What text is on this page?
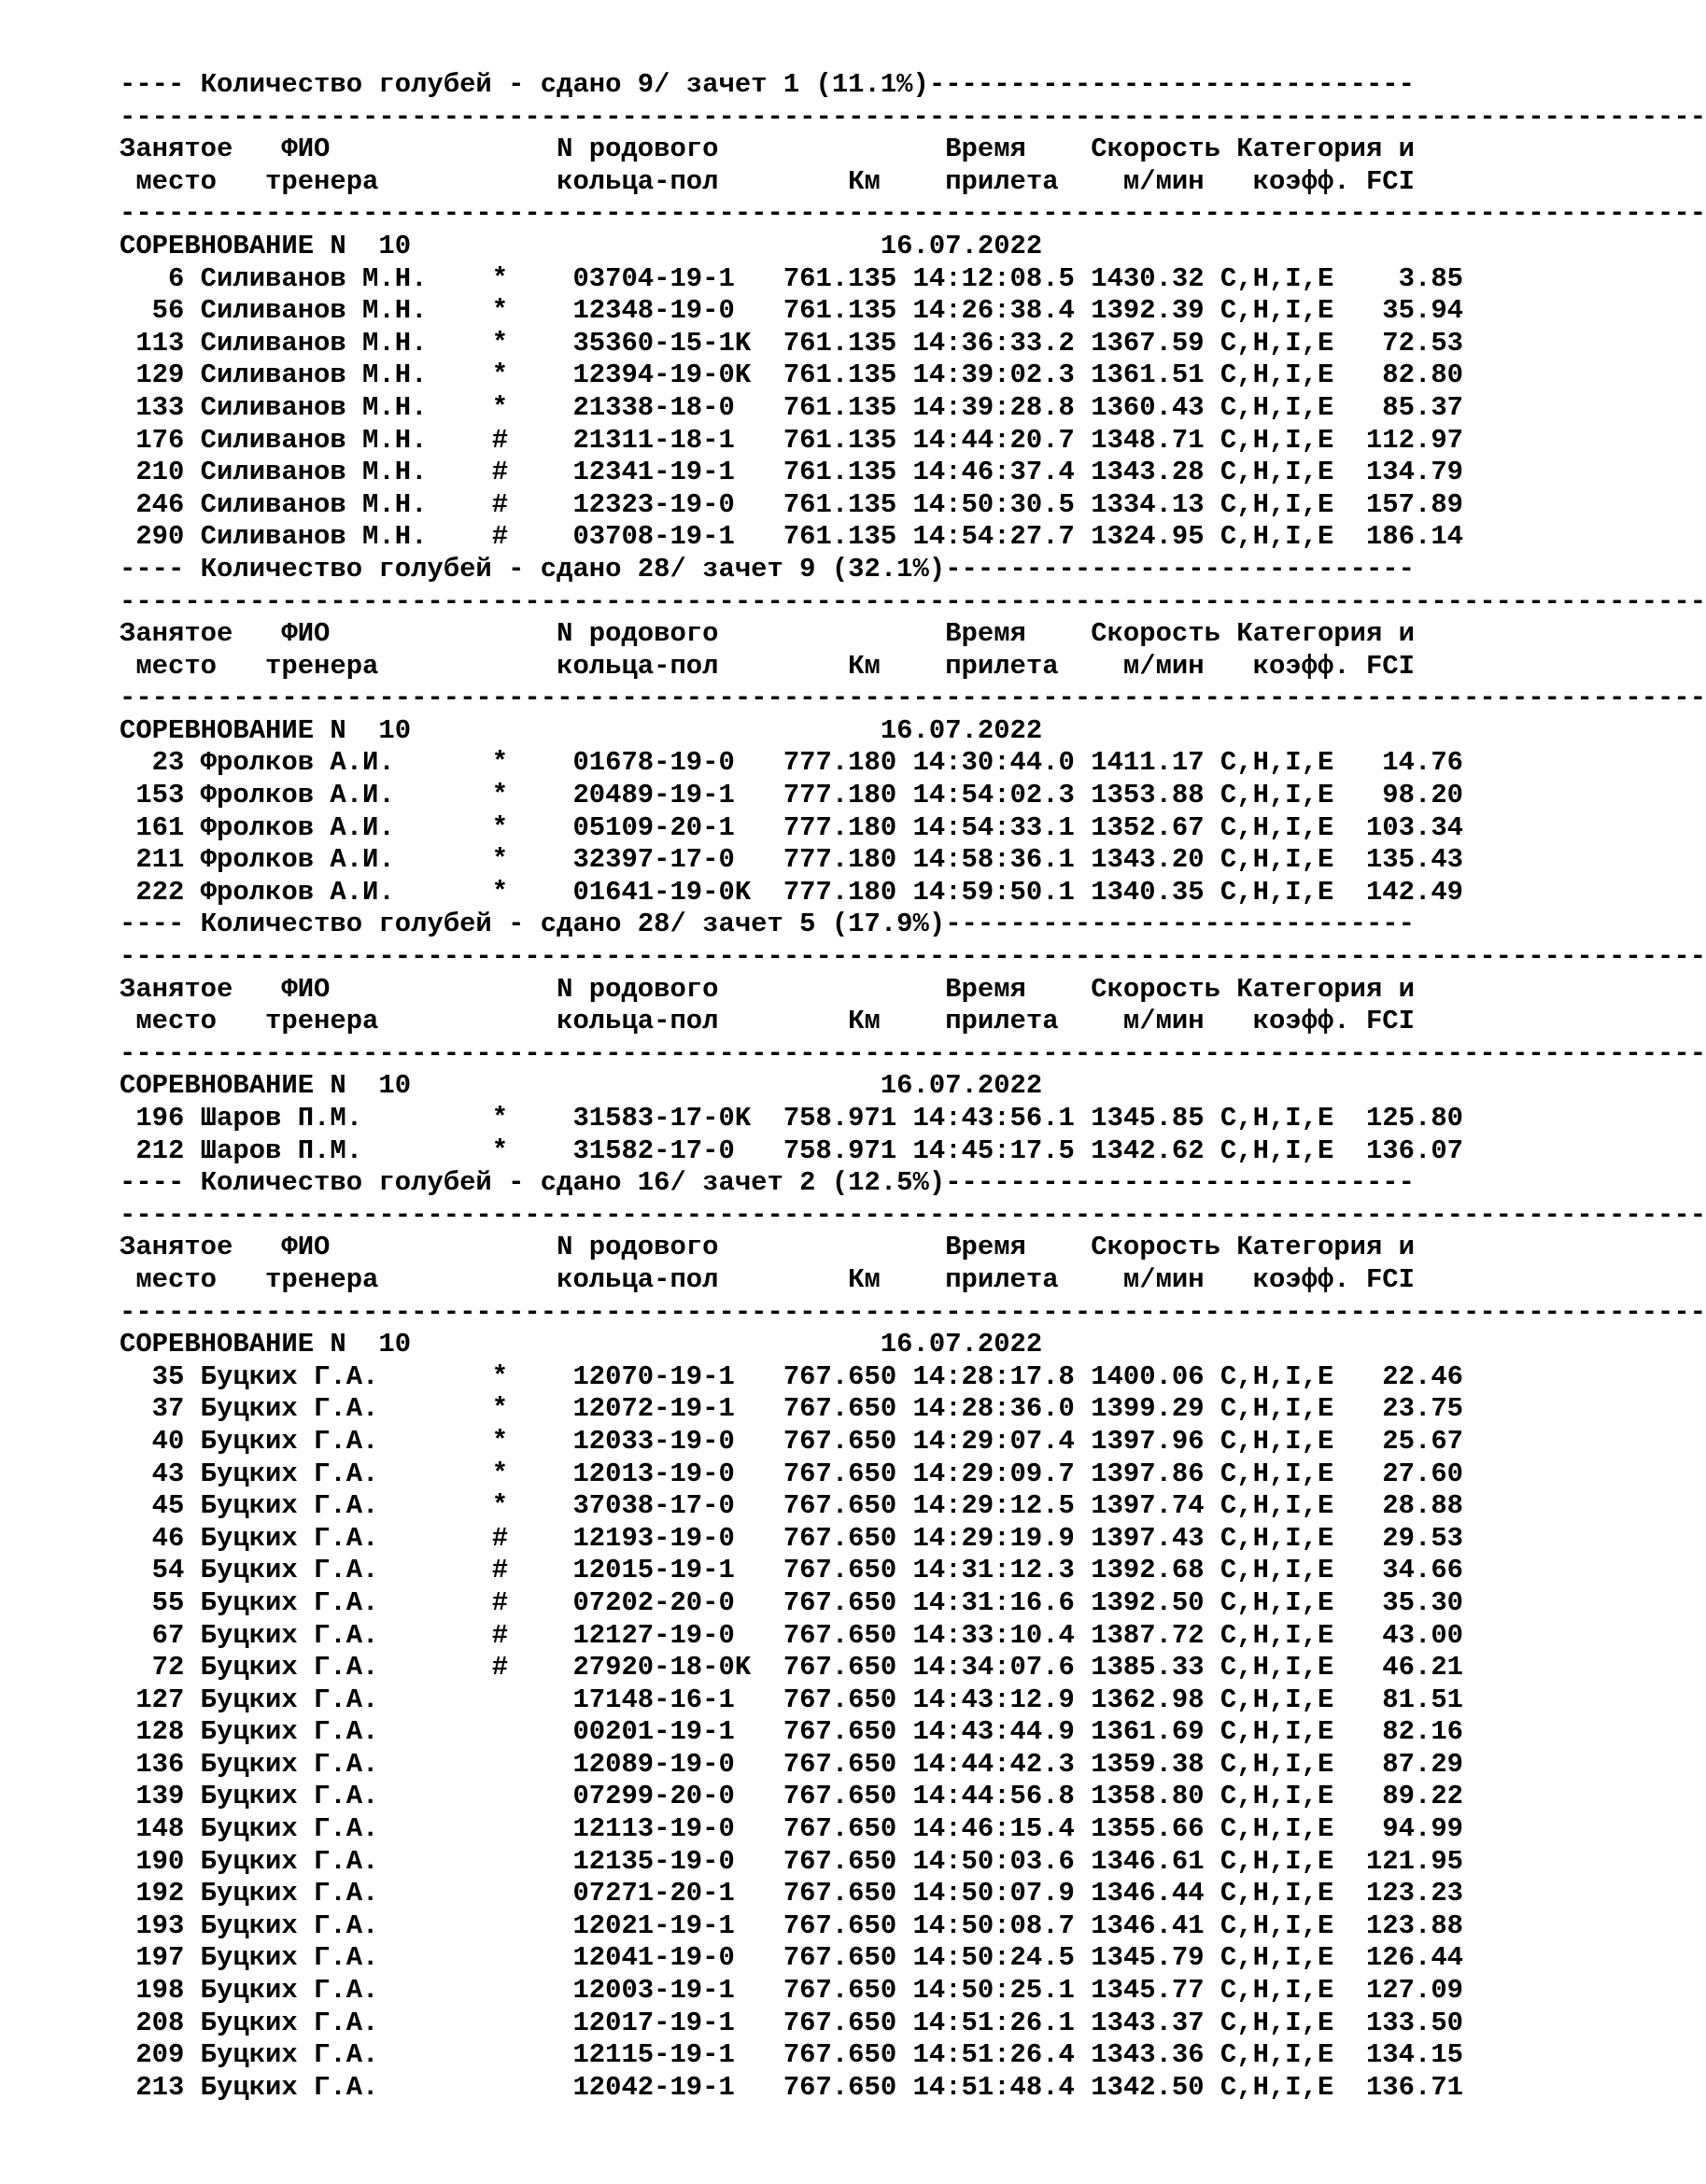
---- Количество голубей - сдано 9/ зачет 1 (11.1%)------------------------------
--------------------------------------------------------------------------------------------------
Занятое   ФИО              N родового              Время    Скорость Категория и
место   тренера           кольца-пол        Км    прилета    м/мин   коэфф. FCI
--------------------------------------------------------------------------------------------------
СОРЕВНОВАНИЕ N  10                             16.07.2022
6 Силиванов М.Н.    *    03704-19-1   761.135 14:12:08.5 1430.32 C,H,I,E    3.85
56 Силиванов М.Н.    *    12348-19-0   761.135 14:26:38.4 1392.39 C,H,I,E   35.94
113 Силиванов М.Н.    *    35360-15-1K  761.135 14:36:33.2 1367.59 C,H,I,E   72.53
129 Силиванов М.Н.    *    12394-19-0K  761.135 14:39:02.3 1361.51 C,H,I,E   82.80
133 Силиванов М.Н.    *    21338-18-0   761.135 14:39:28.8 1360.43 C,H,I,E   85.37
176 Силиванов М.Н.    #    21311-18-1   761.135 14:44:20.7 1348.71 C,H,I,E  112.97
210 Силиванов М.Н.    #    12341-19-1   761.135 14:46:37.4 1343.28 C,H,I,E  134.79
246 Силиванов М.Н.    #    12323-19-0   761.135 14:50:30.5 1334.13 C,H,I,E  157.89
290 Силиванов М.Н.    #    03708-19-1   761.135 14:54:27.7 1324.95 C,H,I,E  186.14
---- Количество голубей - сдано 28/ зачет 9 (32.1%)-----------------------------
--------------------------------------------------------------------------------------------------
Занятое   ФИО              N родового              Время    Скорость Категория и
место   тренера           кольца-пол        Км    прилета    м/мин   коэфф. FCI
--------------------------------------------------------------------------------------------------
СОРЕВНОВАНИЕ N  10                             16.07.2022
23 Фролков А.И.      *    01678-19-0   777.180 14:30:44.0 1411.17 C,H,I,E   14.76
153 Фролков А.И.      *    20489-19-1   777.180 14:54:02.3 1353.88 C,H,I,E   98.20
161 Фролков А.И.      *    05109-20-1   777.180 14:54:33.1 1352.67 C,H,I,E  103.34
211 Фролков А.И.      *    32397-17-0   777.180 14:58:36.1 1343.20 C,H,I,E  135.43
222 Фролков А.И.      *    01641-19-0K  777.180 14:59:50.1 1340.35 C,H,I,E  142.49
---- Количество голубей - сдано 28/ зачет 5 (17.9%)-----------------------------
--------------------------------------------------------------------------------------------------
Занятое   ФИО              N родового              Время    Скорость Категория и
место   тренера           кольца-пол        Км    прилета    м/мин   коэфф. FCI
--------------------------------------------------------------------------------------------------
СОРЕВНОВАНИЕ N  10                             16.07.2022
196 Шаров П.М.        *    31583-17-0K  758.971 14:43:56.1 1345.85 C,H,I,E  125.80
212 Шаров П.М.        *    31582-17-0   758.971 14:45:17.5 1342.62 C,H,I,E  136.07
---- Количество голубей - сдано 16/ зачет 2 (12.5%)-----------------------------
--------------------------------------------------------------------------------------------------
Занятое   ФИО              N родового              Время    Скорость Категория и
место   тренера           кольца-пол        Км    прилета    м/мин   коэфф. FCI
--------------------------------------------------------------------------------------------------
СОРЕВНОВАНИЕ N  10                             16.07.2022
35 Буцких Г.А.       *    12070-19-1   767.650 14:28:17.8 1400.06 C,H,I,E   22.46
37 Буцких Г.А.       *    12072-19-1   767.650 14:28:36.0 1399.29 C,H,I,E   23.75
40 Буцких Г.А.       *    12033-19-0   767.650 14:29:07.4 1397.96 C,H,I,E   25.67
43 Буцких Г.А.       *    12013-19-0   767.650 14:29:09.7 1397.86 C,H,I,E   27.60
45 Буцких Г.А.       *    37038-17-0   767.650 14:29:12.5 1397.74 C,H,I,E   28.88
46 Буцких Г.А.       #    12193-19-0   767.650 14:29:19.9 1397.43 C,H,I,E   29.53
54 Буцких Г.А.       #    12015-19-1   767.650 14:31:12.3 1392.68 C,H,I,E   34.66
55 Буцких Г.А.       #    07202-20-0   767.650 14:31:16.6 1392.50 C,H,I,E   35.30
67 Буцких Г.А.       #    12127-19-0   767.650 14:33:10.4 1387.72 C,H,I,E   43.00
72 Буцких Г.А.       #    27920-18-0K  767.650 14:34:07.6 1385.33 C,H,I,E   46.21
127 Буцких Г.А.            17148-16-1   767.650 14:43:12.9 1362.98 C,H,I,E   81.51
128 Буцких Г.А.            00201-19-1   767.650 14:43:44.9 1361.69 C,H,I,E   82.16
136 Буцких Г.А.            12089-19-0   767.650 14:44:42.3 1359.38 C,H,I,E   87.29
139 Буцких Г.А.            07299-20-0   767.650 14:44:56.8 1358.80 C,H,I,E   89.22
148 Буцких Г.А.            12113-19-0   767.650 14:46:15.4 1355.66 C,H,I,E   94.99
190 Буцких Г.А.            12135-19-0   767.650 14:50:03.6 1346.61 C,H,I,E  121.95
192 Буцких Г.А.            07271-20-1   767.650 14:50:07.9 1346.44 C,H,I,E  123.23
193 Буцких Г.А.            12021-19-1   767.650 14:50:08.7 1346.41 C,H,I,E  123.88
197 Буцких Г.А.            12041-19-0   767.650 14:50:24.5 1345.79 C,H,I,E  126.44
198 Буцких Г.А.            12003-19-1   767.650 14:50:25.1 1345.77 C,H,I,E  127.09
208 Буцких Г.А.            12017-19-1   767.650 14:51:26.1 1343.37 C,H,I,E  133.50
209 Буцких Г.А.            12115-19-1   767.650 14:51:26.4 1343.36 C,H,I,E  134.15
213 Буцких Г.А.            12042-19-1   767.650 14:51:48.4 1342.50 C,H,I,E  136.71
